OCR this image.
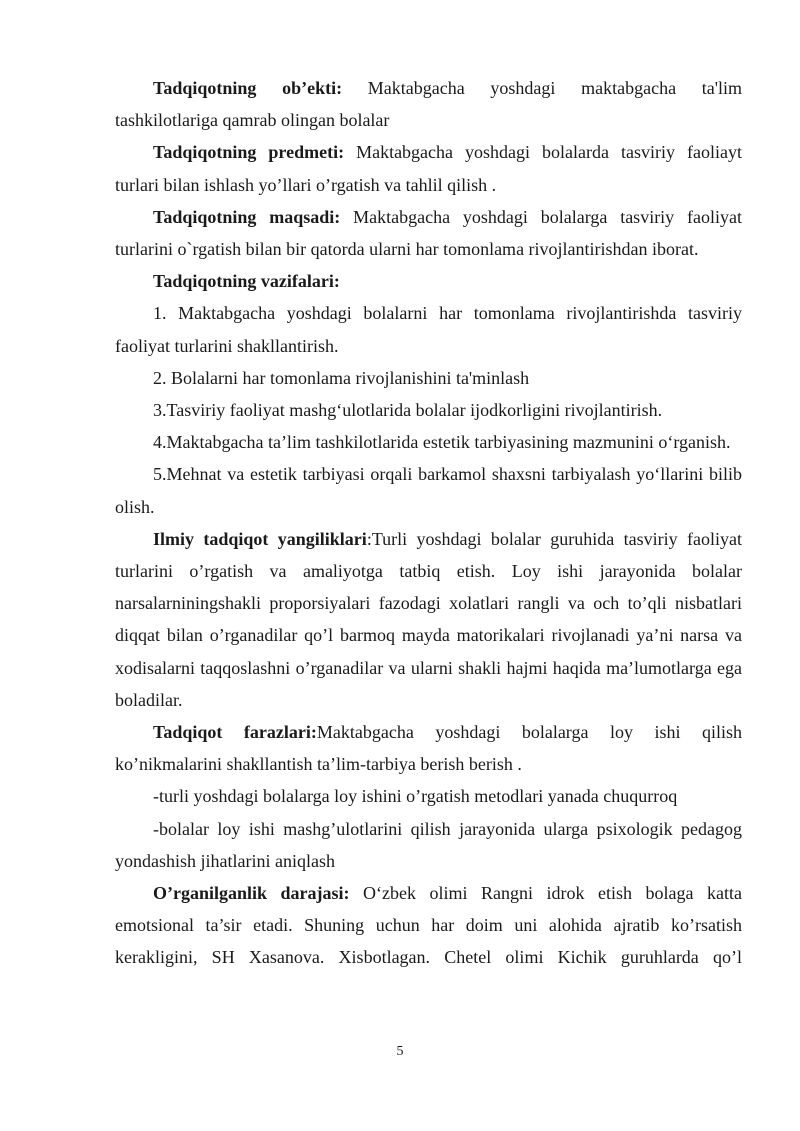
Tadqiqotning ob’ekti: Maktabgacha yoshdagi maktabgacha ta'lim tashkilotlariga qamrab olingan bolalar

Tadqiqotning predmeti: Maktabgacha yoshdagi bolalarda tasviriy faoliayt turlari bilan ishlash yo’llari o’rgatish va tahlil qilish .

Tadqiqotning maqsadi: Maktabgacha yoshdagi bolalarga tasviriy faoliyat turlarini o`rgatish bilan bir qatorda ularni har tomonlama rivojlantirishdan iborat.

Tadqiqotning vazifalari:

1. Maktabgacha yoshdagi bolalarni har tomonlama rivojlantirishda tasviriy faoliyat turlarini shakllantirish.

2. Bolalarni har tomonlama rivojlanishini ta'minlash

3.Tasviriy faoliyat mashg‘ulotlarida bolalar ijodkorligini rivojlantirish.

4.Maktabgacha ta’lim tashkilotlarida estetik tarbiyasining mazmunini o‘rganish.

5.Mehnat va estetik tarbiyasi orqali barkamol shaxsni tarbiyalash yo‘llarini bilib olish.

Ilmiy tadqiqot yangiliklari:Turli yoshdagi bolalar guruhida tasviriy faoliyat turlarini o’rgatish va amaliyotga tatbiq etish. Loy ishi jarayonida bolalar narsalarniningshakli proporsiyalari fazodagi xolatlari rangli va och to’qli nisbatlari diqqat bilan o’rganadilar qo’l barmoq mayda matorikalari rivojlanadi ya’ni narsa va xodisalarni taqqoslashni o’rganadilar va ularni shakli hajmi haqida ma’lumotlarga ega boladilar.

Tadqiqot farazlari:Maktabgacha yoshdagi bolalarga loy ishi qilish ko’nikmalarini shakllantish ta’lim-tarbiya berish berish .

-turli yoshdagi bolalarga loy ishini o’rgatish metodlari yanada chuqurroq

-bolalar loy ishi mashg’ulotlarini qilish jarayonida ularga psixologik pedagog yondashish jihatlarini aniqlash

O’rganilganlik darajasi: O‘zbek olimi Rangni idrok etish bolaga katta emotsional ta’sir etadi. Shuning uchun har doim uni alohida ajratib ko’rsatish kerakligini, SH Xasanova. Xisbotlagan. Chetel olimi Kichik guruhlarda qo’l

5
